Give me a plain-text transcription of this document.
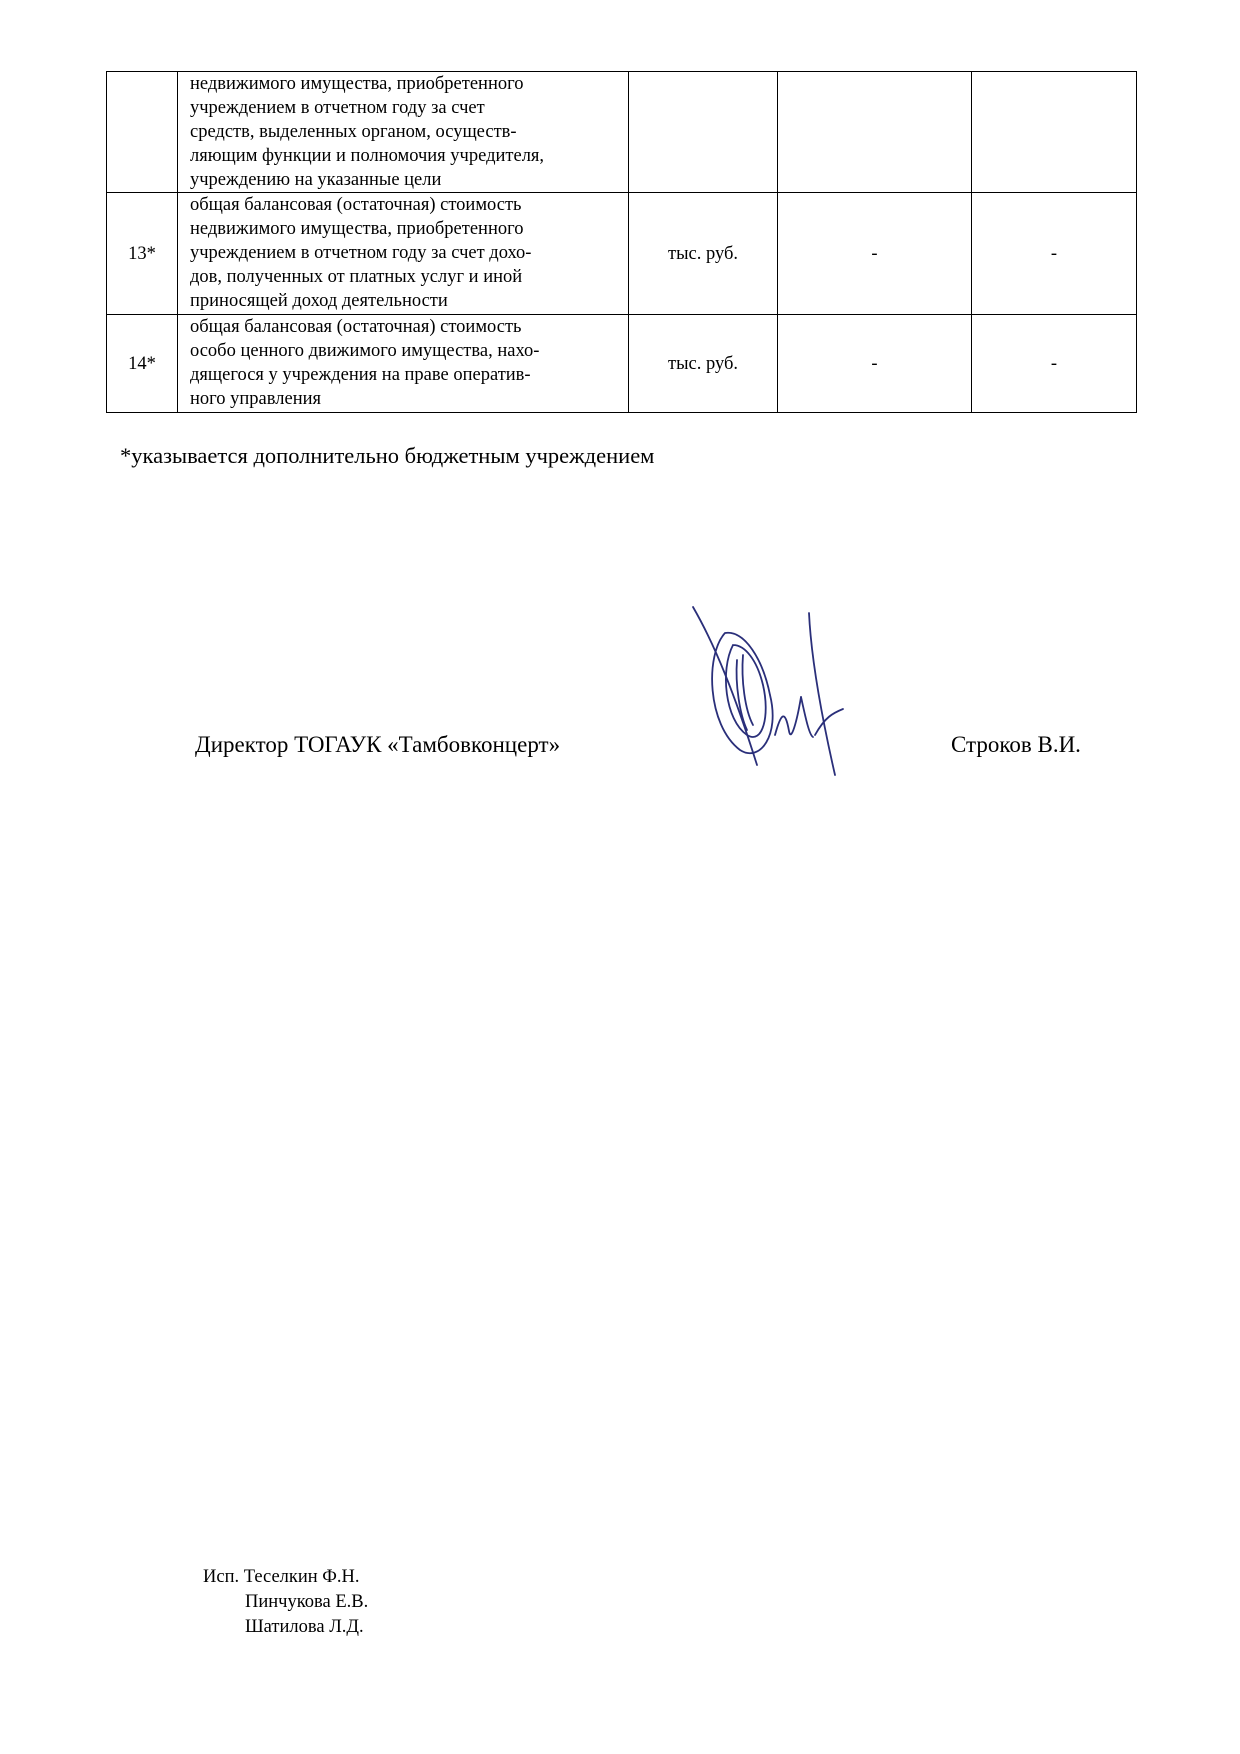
	недвижимого имущества, приобретенного
учреждением в отчетном году за счет
средств, выделенных органом, осуществ-
ляющим функции и полномочия учредителя,
учреждению на указанные цели			

13*	общая балансовая (остаточная) стоимость
недвижимого имущества, приобретенного
учреждением в отчетном году за счет дохо-
дов, полученных от платных услуг и иной
приносящей доход деятельности	тыс. руб.	-	-
14*	общая балансовая (остаточная) стоимость
особо ценного движимого имущества, нахо-
дящегося у учреждения на праве оператив-
ного управления	тыс. руб.	-	-
*указывается дополнительно бюджетным учреждением
Директор ТОГАУК «Тамбовконцерт»	Строков В.И.
Исп. Теселкин Ф.Н.
Пинчукова Е.В.
Шатилова Л.Д.
